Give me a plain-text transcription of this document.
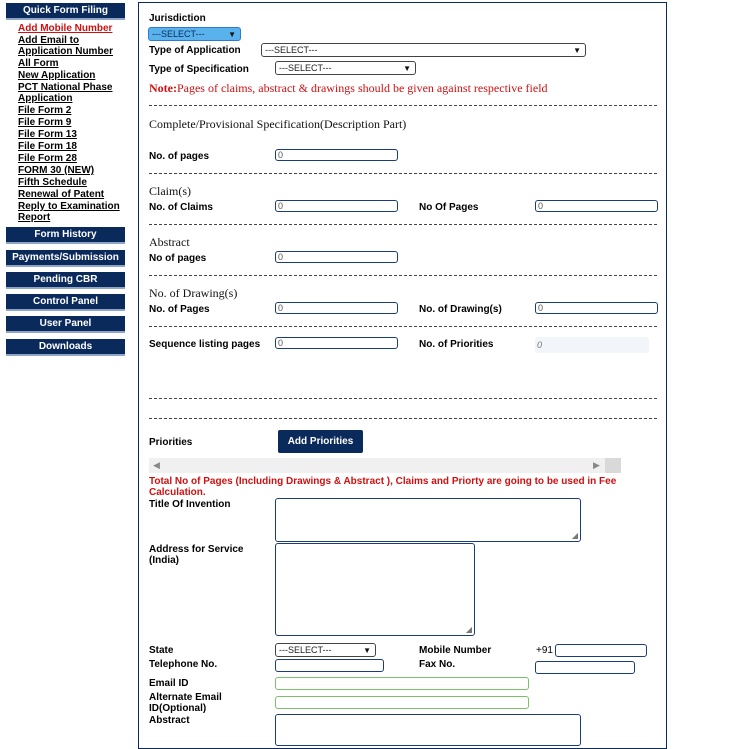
Quick Form Filing
Add Mobile Number
Add Email to Application Number
All Form
New Application
PCT National Phase Application
File Form 2
File Form 9
File Form 13
File Form 18
File Form 28
FORM 30 (NEW)
Fifth Schedule
Renewal of Patent
Reply to Examination Report
Form History
Payments/Submission
Pending CBR
Control Panel
User Panel
Downloads
Jurisdiction
---SELECT---	▼
Type of Application	---SELECT---	▼
Type of Specification	---SELECT---	▼
Note:Pages of claims, abstract & drawings should be given against respective field
Complete/Provisional Specification(Description Part)
No. of pages	0
Claim(s)
No. of Claims	0	No Of Pages	0
Abstract
No of pages	0
No. of Drawing(s)
No. of Pages	0	No. of Drawing(s)	0
Sequence listing pages	0	No. of Priorities	0
Priorities	Add Priorities
◀	▶
Total No of Pages (Including Drawings & Abstract ), Claims and Priorty are going to be used in Fee Calculation.
Title Of Invention
◢
Address for Service (India)
◢
State	---SELECT---	▼	Mobile Number	+91
Telephone No.	Fax No.
Email ID
Alternate Email ID(Optional)
Abstract
